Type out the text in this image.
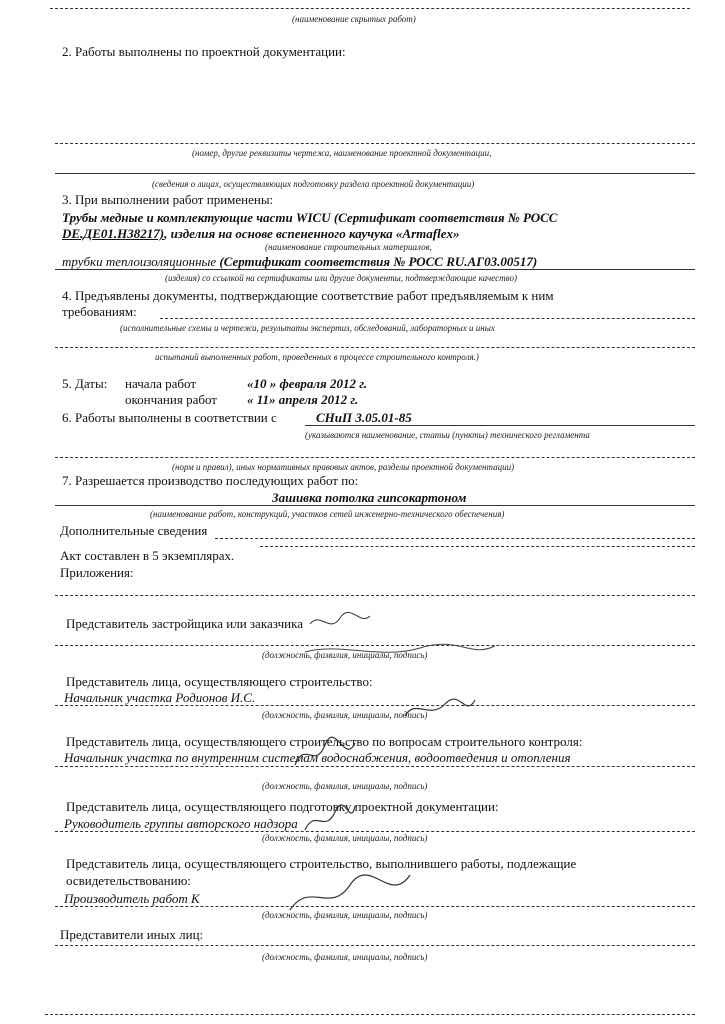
(наименование скрытых работ)
2. Работы выполнены по проектной документации:
(номер, другие реквизиты чертежа, наименование проектной документации,
(сведения о лицах, осуществляющих подготовку раздела проектной документации)
3. При выполнении работ применены:
Трубы медные и комплектующие части WICU (Сертификат соответствия № РОСС
DE.ДЕ01.Н38217), изделия на основе вспененного каучука «Armaflex»
(наименование строительных материалов,
трубки теплоизоляционные (Сертификат соответствия № РОСС RU.АГ03.00517)
(изделия) со ссылкой на сертификаты или другие документы, подтверждающие качество)
4. Предъявлены документы, подтверждающие соответствие работ предъявляемым к ним
требованиям:
(исполнительные схемы и чертежи, результаты экспертиз, обследований, лабораторных и иных
испытаний выполненных работ, проведенных в процессе строительного контроля.)
5. Даты: начала работ	«10 » февраля 2012 г.
окончания работ « 11» апреля 2012 г.
6. Работы выполнены в соответствии с	СНиП 3.05.01-85
(указываются наименование, статьи (пункты) технического регламента
(норм и правил), иных нормативных правовых актов, разделы проектной документации)
7. Разрешается производство последующих работ по:
Зашивка потолка гипсокартоном
(наименование работ, конструкций, участков сетей инженерно-технического обеспечения)
Дополнительные сведения
Акт составлен в 5 экземплярах.
Приложения:
Представитель застройщика или заказчика
(должность, фамилия, инициалы, подпись)
Представитель лица, осуществляющего строительство:
Начальник участка Родионов И.С.
(должность, фамилия, инициалы, подпись)
Представитель лица, осуществляющего строительство по вопросам строительного контроля:
Начальник участка по внутренним системам водоснабжения, водоотведения и отопления
(должность, фамилия, инициалы, подпись)
Представитель лица, осуществляющего подготовку проектной документации:
Руководитель группы авторского надзора
(должность, фамилия, инициалы, подпись)
Представитель лица, осуществляющего строительство, выполнившего работы, подлежащие
освидетельствованию:
Производитель работ К
(должность, фамилия, инициалы, подпись)
Представители иных лиц:
(должность, фамилия, инициалы, подпись)
